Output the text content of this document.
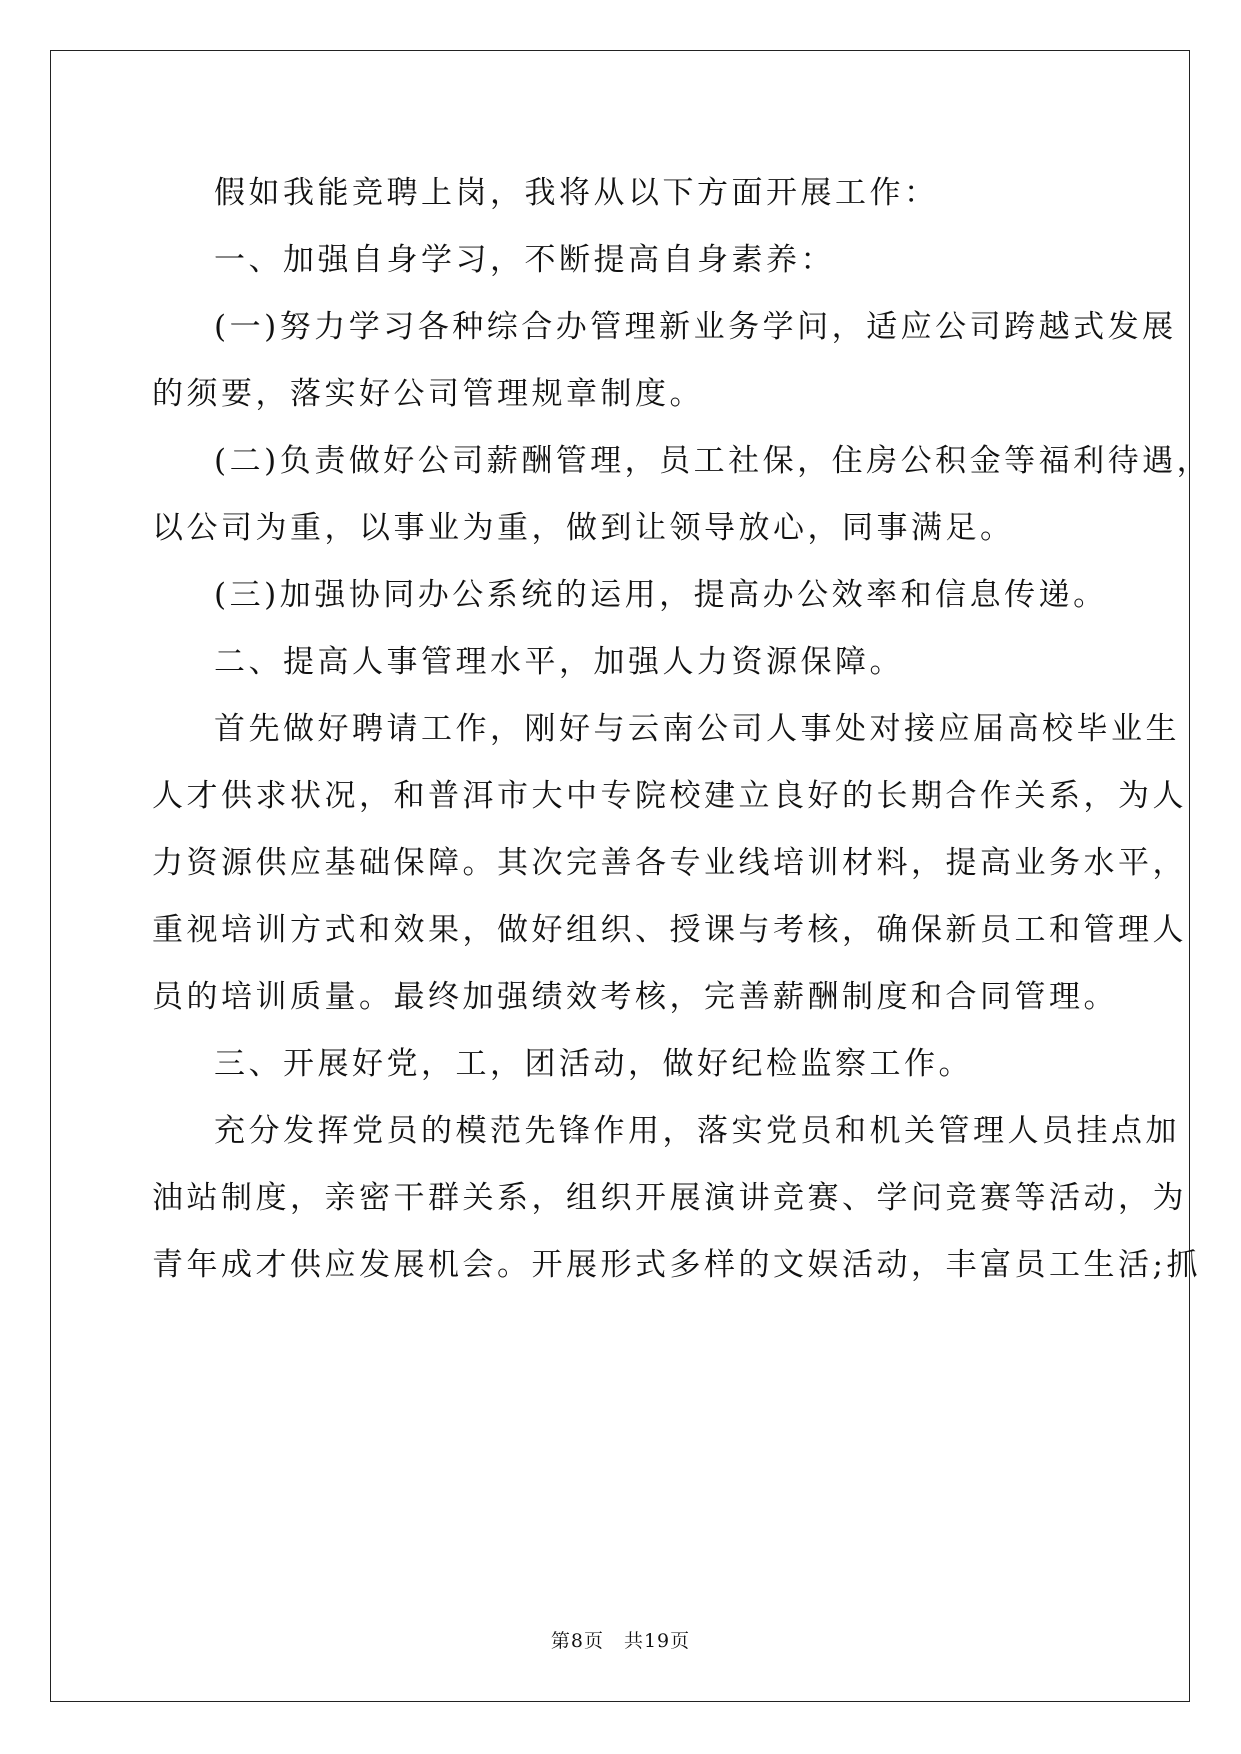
假如我能竞聘上岗，我将从以下方面开展工作：

一、加强自身学习，不断提高自身素养：

(一)努力学习各种综合办管理新业务学问，适应公司跨越式发展

的须要，落实好公司管理规章制度。

(二)负责做好公司薪酬管理，员工社保，住房公积金等福利待遇，

以公司为重，以事业为重，做到让领导放心，同事满足。

(三)加强协同办公系统的运用，提高办公效率和信息传递。

二、提高人事管理水平，加强人力资源保障。

首先做好聘请工作，刚好与云南公司人事处对接应届高校毕业生

人才供求状况，和普洱市大中专院校建立良好的长期合作关系，为人

力资源供应基础保障。其次完善各专业线培训材料，提高业务水平，

重视培训方式和效果，做好组织、授课与考核，确保新员工和管理人

员的培训质量。最终加强绩效考核，完善薪酬制度和合同管理。

三、开展好党，工，团活动，做好纪检监察工作。

充分发挥党员的模范先锋作用，落实党员和机关管理人员挂点加

油站制度，亲密干群关系，组织开展演讲竞赛、学问竞赛等活动，为

青年成才供应发展机会。开展形式多样的文娱活动，丰富员工生活;抓

第8页　共19页
